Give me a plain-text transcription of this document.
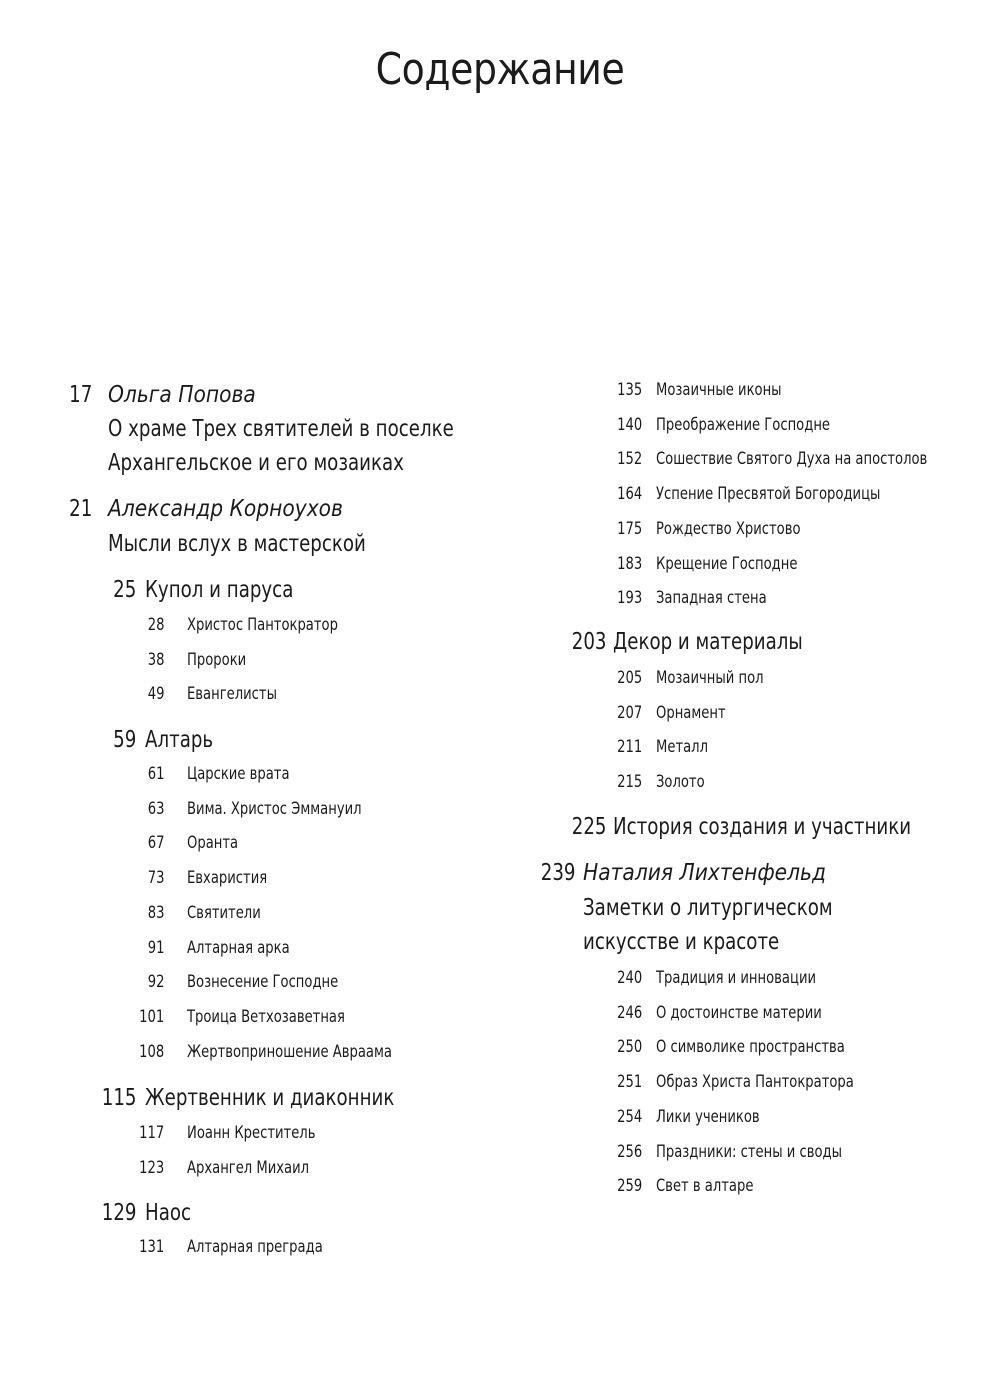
Содержание
17 Ольга Попова
О храме Трех святителей в поселке
Архангельское и его мозаиках
21 Александр Корноухов
Мысли вслух в мастерской
25 Купол и паруса
28 Христос Пантократор
38 Пророки
49 Евангелисты
59 Алтарь
61 Царские врата
63 Вима. Христос Эммануил
67 Оранта
73 Евхаристия
83 Святители
91 Алтарная арка
92 Вознесение Господне
101 Троица Ветхозаветная
108 Жертвоприношение Авраама
115 Жертвенник и диаконник
117 Иоанн Креститель
123 Архангел Михаил
129 Наос
131 Алтарная преграда
135 Мозаичные иконы
140 Преображение Господне
152 Сошествие Святого Духа на апостолов
164 Успение Пресвятой Богородицы
175 Рождество Христово
183 Крещение Господне
193 Западная стена
203 Декор и материалы
205 Мозаичный пол
207 Орнамент
211 Металл
215 Золото
225 История создания и участники
239 Наталия Лихтенфельд
Заметки о литургическом
искусстве и красоте
240 Традиция и инновации
246 О достоинстве материи
250 О символике пространства
251 Образ Христа Пантократора
254 Лики учеников
256 Праздники: стены и своды
259 Свет в алтаре
